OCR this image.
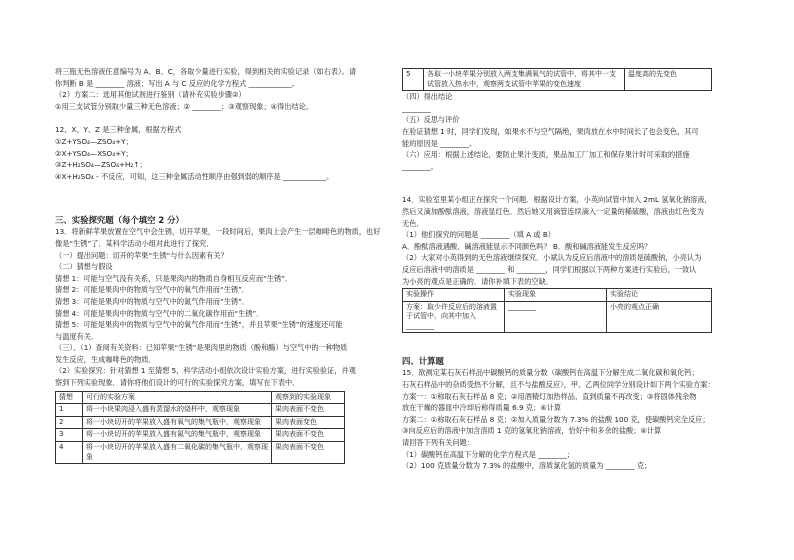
将三瓶无色溶液任意编号为 A、B、C，各取少量进行实验，得到相关的实验记录（如右表）。请
你判断 B 是 ________ 溶液；写出 A 与 C 反应的化学方程式 ____________。
（2）方案二：选用其他试剂进行鉴别（请补充实验步骤②）
①用三支试管分别取少量三种无色溶液；② ________；③观察现象；④得出结论。
12、X、Y、Z 是三种金属，根据方程式
①Z+YSO₄—ZSO₄+Y；
②X+YSO₄—XSO₄+Y；
③Z+H₂SO₄—ZSO₄+H₂↑；
④X+H₂SO₄ - 不反应，可知，这三种金属活动性顺序由强到弱的顺序是 ____________。
三、实验探究题（每个填空 2 分）
13．将新鲜苹果放置在空气中会生锈，切开苹果，一段时间后，果肉上会产生一层咖啡色的物质，也好
像是“生锈”了．某科学活动小组对此进行了探究．
（一）提出问题：切开的苹果“生锈”与什么因素有关？
（二）猜想与假设
猜想 1：可能与空气没有关系，只是果肉内的物质自身相互反应而“生锈”．
猜想 2：可能是果肉中的物质与空气中的氧气作用而“生锈”．
猜想 3：可能是果肉中的物质与空气中的氮气作用而“生锈”．
猜想 4：可能是果肉中的物质与空气中的二氧化碳作用而“生锈”．
猜想 5：可能是果肉中的物质与空气中的氧气作用而“生锈”，并且苹果“生锈”的速度还可能
与温度有关．
（三）、（1）查阅有关资料：已知苹果“生锈”是果肉里的物质（酚和酶）与空气中的一种物质
发生反应，生成咖啡色的物质．
（2）实验探究：针对猜想 1 至猜想 5，科学活动小组依次设计实验方案，进行实验验证，并观
察到下列实验现象．请你将他们设计的可行的实验探究方案，填写在下表中．
猜想	可行的实验方案	观察到的实验现象
1	将一小块果肉浸入盛有蒸馏水的烧杯中，观察现象	果肉表面不变色
2	将一小块切开的苹果放入盛有氧气的集气瓶中，观察现象	果肉表面变色
3	将一小块切开的苹果放入盛有氮气的集气瓶中，观察现象	果肉表面不变色
4	将一小块切开的苹果放入盛有二氧化碳的集气瓶中，观察现象	果肉表面不变色
5	各取一小块苹果分别放入两支集满氧气的试管中，将其中一支试管放入热水中，观察两支试管中苹果的变色速度	温度高的先变色
（四）得出结论
________
（五）反思与评价
在验证猜想 1 时，同学们发现，如果水不与空气隔绝，果肉放在水中时间长了也会变色，其可
能的原因是 ________。
（六）应用：根据上述结论，要防止果汁变质，果品加工厂加工和保存果汁时可采取的措施
________。
14．实验室里某小组正在探究一个问题．根据设计方案，小英向试管中加入 2mL 氢氧化钠溶液，
然后又滴加酚酞溶液，溶液显红色．然后她又用滴管连续滴入一定量的稀硫酸，溶液由红色变为
无色．
（1）他们探究的问题是 ________（填 A 或 B）
A．酚酞溶液遇酸、碱溶液能显示不同颜色吗？ B．酸和碱溶液能发生反应吗？
（2）大家对小英得到的无色溶液继续探究．小斌认为反应后溶液中的溶质是硫酸钠，小亮认为
反应后溶液中的溶质是 ________ 和 ________，同学们根据以下两种方案进行实验后，一致认
为小亮的观点是正确的．请你补填下表的空缺．
实验操作	实验现象	实验结论
方案：取少许反应后的溶液置于试管中，向其中加入 ________	________	小亮的观点正确
四、计算题
15．欲测定某石灰石样品中碳酸钙的质量分数（碳酸钙在高温下分解生成二氧化碳和氧化钙；
石灰石样品中的杂质受热不分解，且不与盐酸反应），甲、乙两位同学分别设计如下两个实验方案：
方案一：①称取石灰石样品 8 克；②用酒精灯加热样品，直到质量不再改变；③将固体残余物
放在干燥的器皿中冷却后称得质量 6.9 克；④计算
方案二：①称取石灰石样品 8 克；②加入质量分数为 7.3% 的盐酸 100 克，使碳酸钙完全反应；
③向反应后的溶液中加含溶质 1 克的氢氧化钠溶液，恰好中和多余的盐酸；④计算
请回答下列有关问题：
（1）碳酸钙在高温下分解的化学方程式是 ________；
（2）100 克质量分数为 7.3% 的盐酸中，溶质氯化氢的质量为 ________ 克；
